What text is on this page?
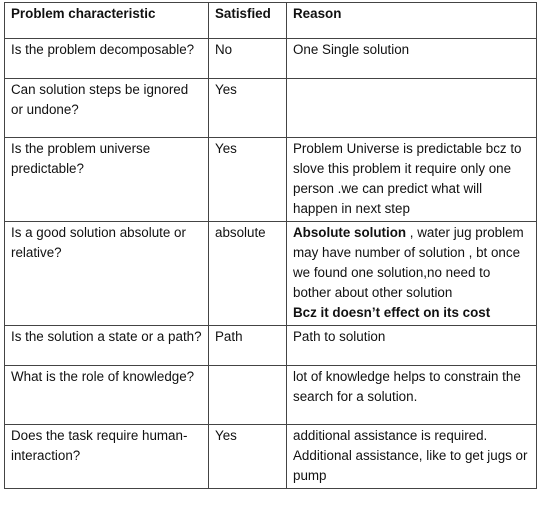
Problem characteristic	Satisfied	Reason
Is the problem decomposable?	No	One Single solution
Can solution steps be ignored or undone?	Yes	
Is the problem universe predictable?	Yes	Problem Universe is predictable bcz to slove this problem it require only one person .we can predict what will happen in next step
Is a good solution absolute or relative?	absolute	Absolute solution , water jug problem may have number of solution , bt once we found one solution,no need to bother about other solution
Bcz it doesn’t effect on its cost

Is the solution a state or a path?	Path	Path to solution
What is the role of knowledge?		lot of knowledge helps to constrain the search for a solution.
Does the task require human-interaction?	Yes	additional assistance is required. Additional assistance, like to get jugs or pump
